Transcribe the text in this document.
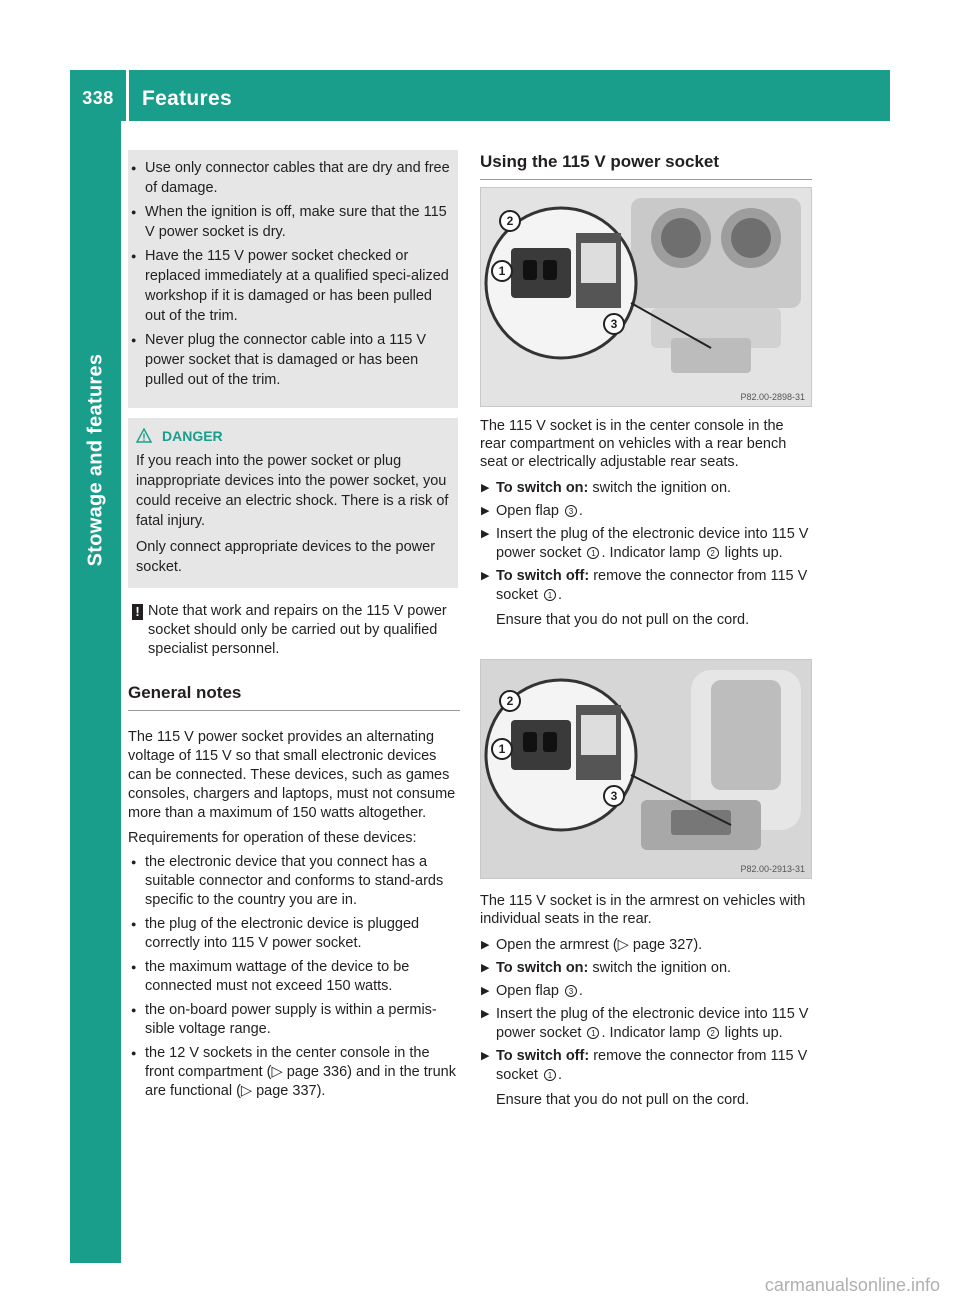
338	Features
Stowage and features
● Use only connector cables that are dry and free of damage.
● When the ignition is off, make sure that the 115 V power socket is dry.
● Have the 115 V power socket checked or replaced immediately at a qualified speci-alized workshop if it is damaged or has been pulled out of the trim.
● Never plug the connector cable into a 115 V power socket that is damaged or has been pulled out of the trim.
DANGER

If you reach into the power socket or plug inappropriate devices into the power socket, you could receive an electric shock. There is a risk of fatal injury.

Only connect appropriate devices to the power socket.

! Note that work and repairs on the 115 V power socket should only be carried out by qualified specialist personnel.

General notes

The 115 V power socket provides an alternating voltage of 115 V so that small electronic devices can be connected. These devices, such as games consoles, chargers and laptops, must not consume more than a maximum of 150 watts altogether.

Requirements for operation of these devices:

● the electronic device that you connect has a suitable connector and conforms to stand-ards specific to the country you are in.
● the plug of the electronic device is plugged correctly into 115 V power socket.
● the maximum wattage of the device to be connected must not exceed 150 watts.
● the on-board power supply is within a permis-sible voltage range.
● the 12 V sockets in the center console in the front compartment (▷ page 336) and in the trunk are functional (▷ page 337).
Using the 115 V power socket
P82.00-2898-31
2
1
3

The 115 V socket is in the center console in the rear compartment on vehicles with a rear bench seat or electrically adjustable rear seats.

▶ To switch on: switch the ignition on.
▶ Open flap 3 .
▶ Insert the plug of the electronic device into 115 V power socket 1 . Indicator lamp 2 lights up.
▶ To switch off: remove the connector from 115 V socket 1 .
Ensure that you do not pull on the cord.
P82.00-2913-31
2
1
3

The 115 V socket is in the armrest on vehicles with individual seats in the rear.

▶ Open the armrest (▷ page 327).
▶ To switch on: switch the ignition on.
▶ Open flap 3 .
▶ Insert the plug of the electronic device into 115 V power socket 1 . Indicator lamp 2 lights up.
▶ To switch off: remove the connector from 115 V socket 1 .
Ensure that you do not pull on the cord.
carmanualsonline.info
